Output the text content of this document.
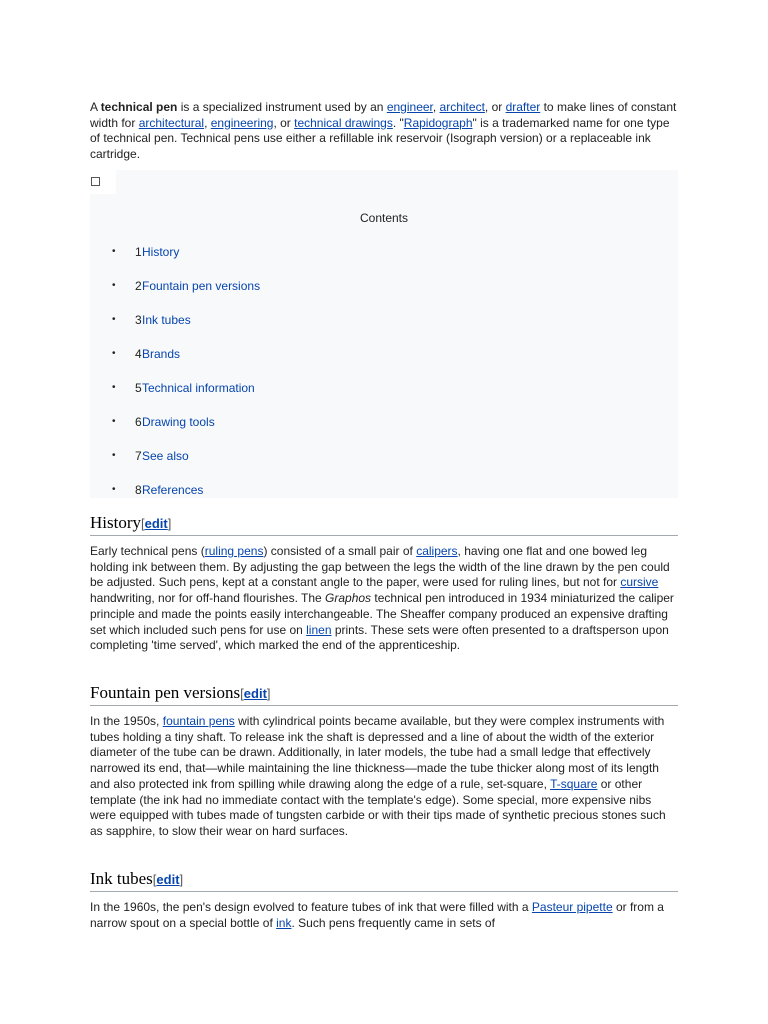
A technical pen is a specialized instrument used by an engineer, architect, or drafter to make lines of constant width for architectural, engineering, or technical drawings. "Rapidograph" is a trademarked name for one type of technical pen. Technical pens use either a refillable ink reservoir (Isograph version) or a replaceable ink cartridge.

Contents
• 1 History
• 2 Fountain pen versions
• 3 Ink tubes
• 4 Brands
• 5 Technical information
• 6 Drawing tools
• 7 See also
• 8 References
History[edit]

Early technical pens (ruling pens) consisted of a small pair of calipers, having one flat and one bowed leg holding ink between them. By adjusting the gap between the legs the width of the line drawn by the pen could be adjusted. Such pens, kept at a constant angle to the paper, were used for ruling lines, but not for cursive handwriting, nor for off-hand flourishes. The Graphos technical pen introduced in 1934 miniaturized the caliper principle and made the points easily interchangeable. The Sheaffer company produced an expensive drafting set which included such pens for use on linen prints. These sets were often presented to a draftsperson upon completing 'time served', which marked the end of the apprenticeship.

Fountain pen versions[edit]

In the 1950s, fountain pens with cylindrical points became available, but they were complex instruments with tubes holding a tiny shaft. To release ink the shaft is depressed and a line of about the width of the exterior diameter of the tube can be drawn. Additionally, in later models, the tube had a small ledge that effectively narrowed its end, that—while maintaining the line thickness—made the tube thicker along most of its length and also protected ink from spilling while drawing along the edge of a rule, set-square, T-square or other template (the ink had no immediate contact with the template's edge). Some special, more expensive nibs were equipped with tubes made of tungsten carbide or with their tips made of synthetic precious stones such as sapphire, to slow their wear on hard surfaces.

Ink tubes[edit]

In the 1960s, the pen's design evolved to feature tubes of ink that were filled with a Pasteur pipette or from a narrow spout on a special bottle of ink. Such pens frequently came in sets of
